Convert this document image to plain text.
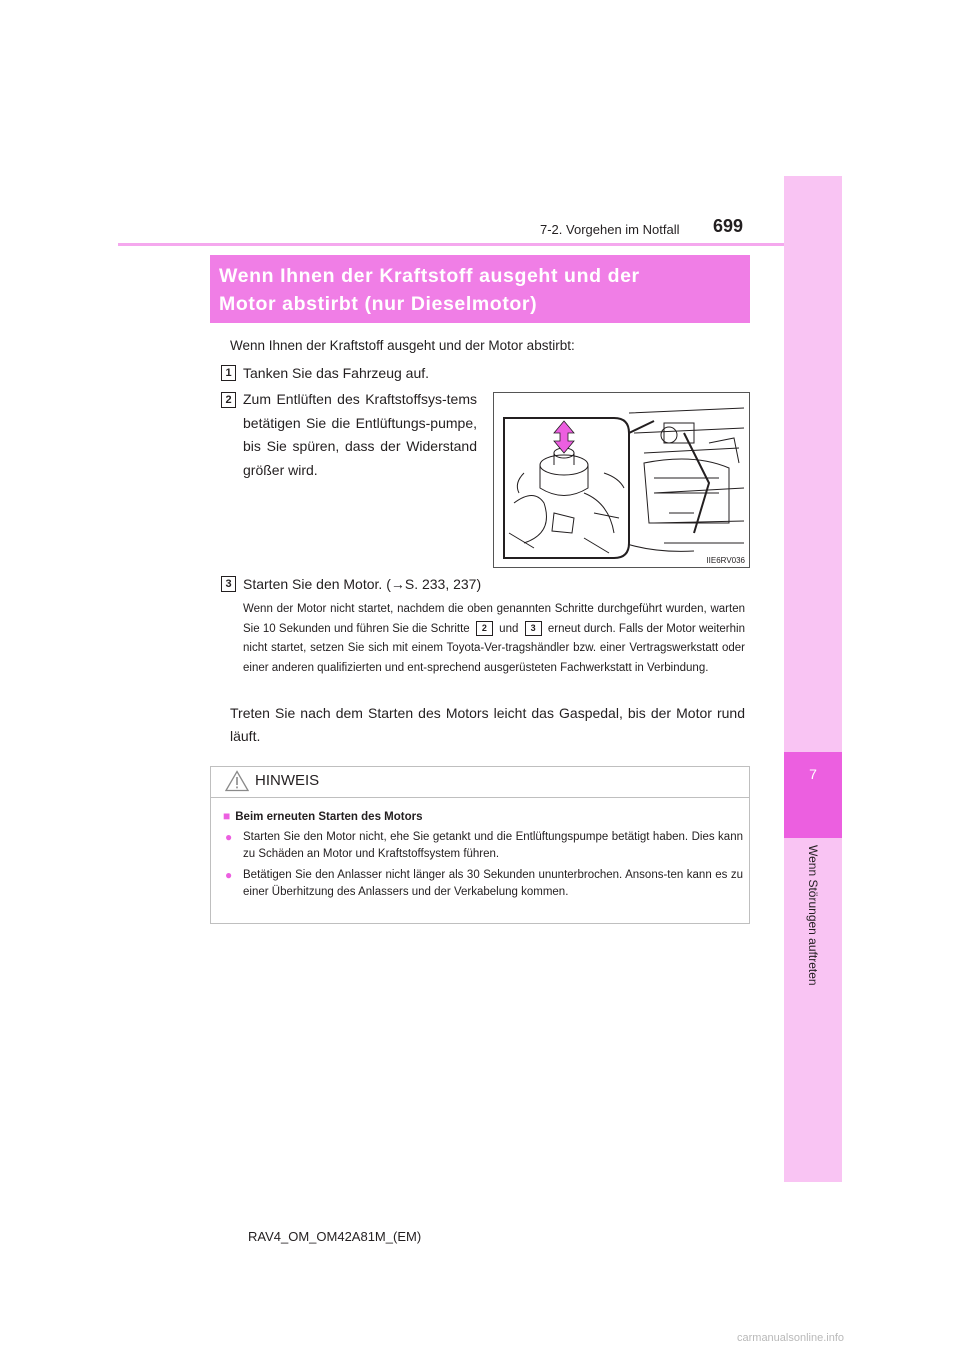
7
Wenn Störungen auftreten
7-2. Vorgehen im Notfall 699
Wenn Ihnen der Kraftstoff ausgeht und der
Motor abstirbt (nur Dieselmotor)
Wenn Ihnen der Kraftstoff ausgeht und der Motor abstirbt:
1 Tanken Sie das Fahrzeug auf.
2 Zum Entlüften des Kraftstoffsys-tems betätigen Sie die Entlüftungs-pumpe, bis Sie spüren, dass der Widerstand größer wird.
IIE6RV036
3 Starten Sie den Motor. (→S. 233, 237)
Wenn der Motor nicht startet, nachdem die oben genannten Schritte durchgeführt wurden, warten Sie 10 Sekunden und führen Sie die Schritte 2 und 3 erneut durch. Falls der Motor weiterhin nicht startet, setzen Sie sich mit einem Toyota-Ver-tragshändler bzw. einer Vertragswerkstatt oder einer anderen qualifizierten und ent-sprechend ausgerüsteten Fachwerkstatt in Verbindung.
Treten Sie nach dem Starten des Motors leicht das Gaspedal, bis der Motor rund läuft.
HINWEIS
■ Beim erneuten Starten des Motors
● Starten Sie den Motor nicht, ehe Sie getankt und die Entlüftungspumpe betätigt haben. Dies kann zu Schäden an Motor und Kraftstoffsystem führen.
● Betätigen Sie den Anlasser nicht länger als 30 Sekunden ununterbrochen. Ansons-ten kann es zu einer Überhitzung des Anlassers und der Verkabelung kommen.
RAV4_OM_OM42A81M_(EM)
carmanualsonline.info
